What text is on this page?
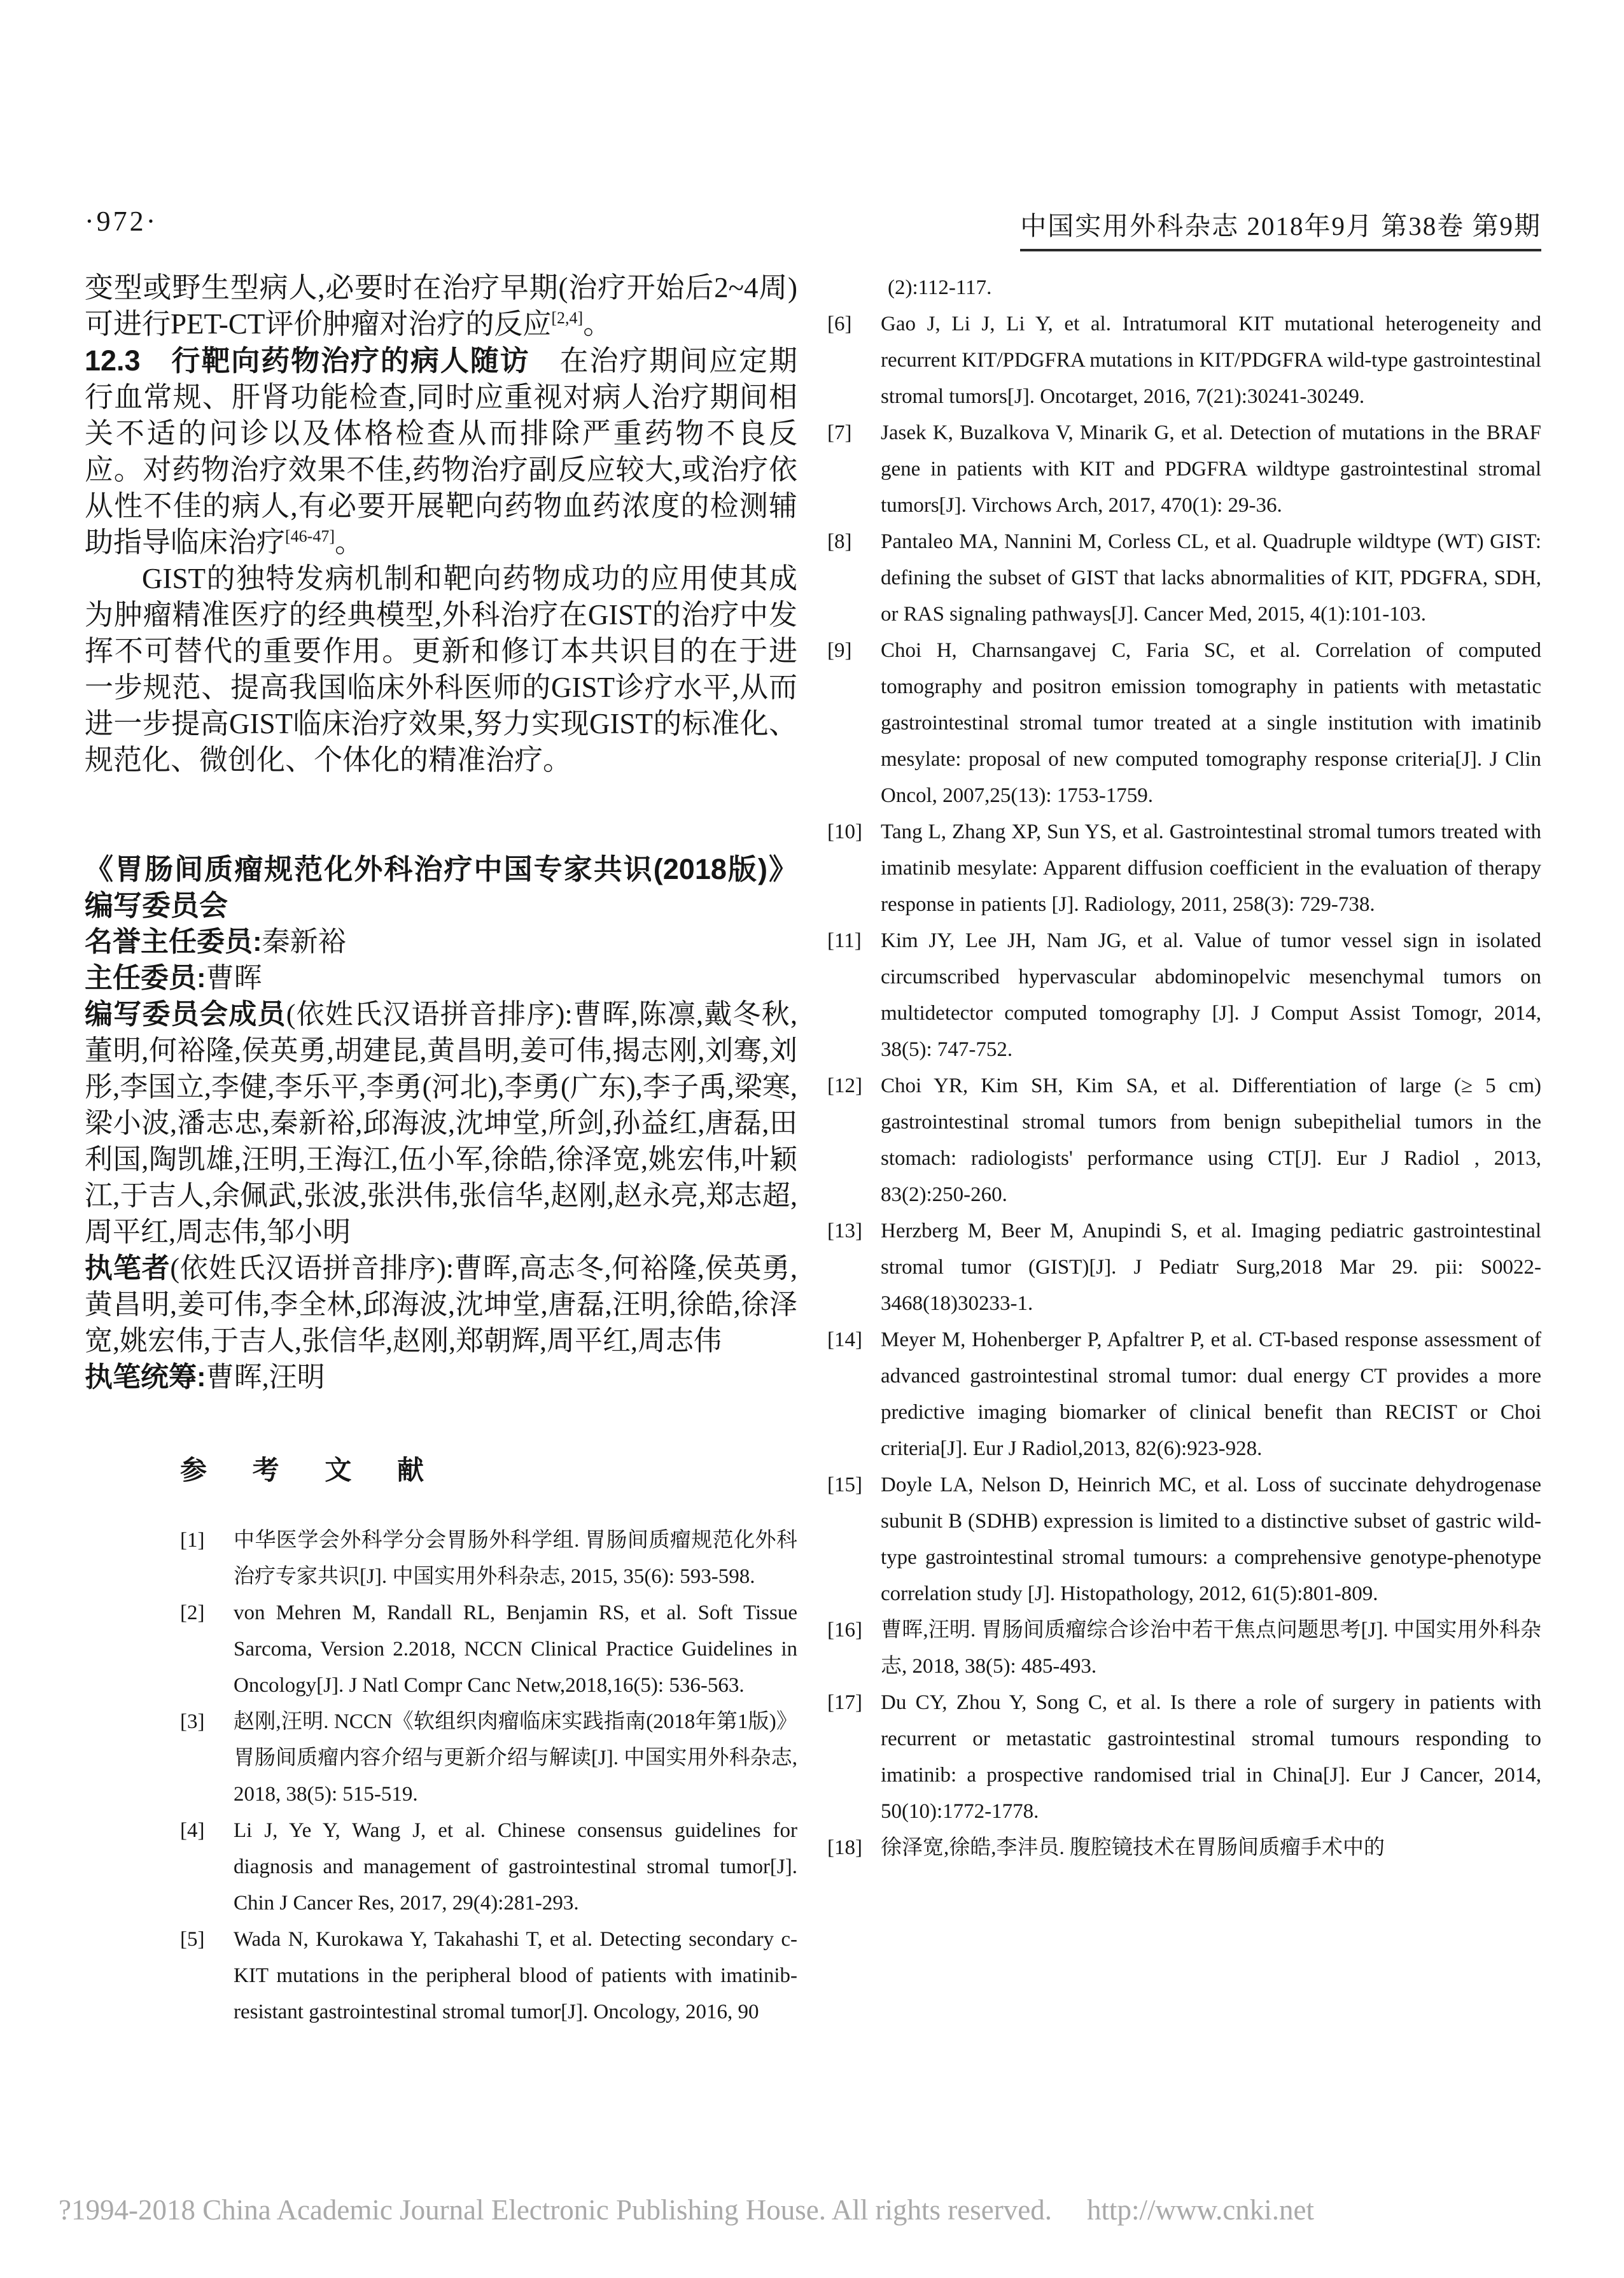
·972·	中国实用外科杂志 2018年9月 第38卷 第9期

变型或野生型病人,必要时在治疗早期(治疗开始后2~4周)可进行PET-CT评价肿瘤对治疗的反应[2,4]。

12.3　行靶向药物治疗的病人随访　 在治疗期间应定期行血常规、肝肾功能检查,同时应重视对病人治疗期间相关不适的问诊以及体格检查从而排除严重药物不良反应。对药物治疗效果不佳,药物治疗副反应较大,或治疗依从性不佳的病人,有必要开展靶向药物血药浓度的检测辅助指导临床治疗[46-47]。

GIST的独特发病机制和靶向药物成功的应用使其成为肿瘤精准医疗的经典模型,外科治疗在GIST的治疗中发挥不可替代的重要作用。更新和修订本共识目的在于进一步规范、提高我国临床外科医师的GIST诊疗水平,从而进一步提高GIST临床治疗效果,努力实现GIST的标准化、规范化、微创化、个体化的精准治疗。

《胃肠间质瘤规范化外科治疗中国专家共识(2018版)》编写委员会

名誉主任委员:秦新裕

主任委员:曹晖

编写委员会成员(依姓氏汉语拼音排序):曹晖,陈凛,戴冬秋,董明,何裕隆,侯英勇,胡建昆,黄昌明,姜可伟,揭志刚,刘骞,刘彤,李国立,李健,李乐平,李勇(河北),李勇(广东),李子禹,梁寒,梁小波,潘志忠,秦新裕,邱海波,沈坤堂,所剑,孙益红,唐磊,田利国,陶凯雄,汪明,王海江,伍小军,徐皓,徐泽宽,姚宏伟,叶颖江,于吉人,余佩武,张波,张洪伟,张信华,赵刚,赵永亮,郑志超,周平红,周志伟,邹小明

执笔者(依姓氏汉语拼音排序):曹晖,高志冬,何裕隆,侯英勇,黄昌明,姜可伟,李全林,邱海波,沈坤堂,唐磊,汪明,徐皓,徐泽宽,姚宏伟,于吉人,张信华,赵刚,郑朝辉,周平红,周志伟

执笔统筹:曹晖,汪明

参 考 文 献
[1]	中华医学会外科学分会胃肠外科学组. 胃肠间质瘤规范化外科治疗专家共识[J]. 中国实用外科杂志, 2015, 35(6): 593-598.
[2]	von Mehren M, Randall RL, Benjamin RS, et al. Soft Tissue Sarcoma, Version 2.2018, NCCN Clinical Practice Guidelines in Oncology[J]. J Natl Compr Canc Netw,2018,16(5): 536-563.
[3]	赵刚,汪明. NCCN《软组织肉瘤临床实践指南(2018年第1版)》胃肠间质瘤内容介绍与更新介绍与解读[J]. 中国实用外科杂志, 2018, 38(5): 515-519.
[4]	Li J, Ye Y, Wang J, et al. Chinese consensus guidelines for diagnosis and management of gastrointestinal stromal tumor[J]. Chin J Cancer Res, 2017, 29(4):281-293.
[5]	Wada N, Kurokawa Y, Takahashi T, et al. Detecting secondary c-KIT mutations in the peripheral blood of patients with imatinib-resistant gastrointestinal stromal tumor[J]. Oncology, 2016, 90
(2):112-117.
[6]	Gao J, Li J, Li Y, et al. Intratumoral KIT mutational heterogeneity and recurrent KIT/PDGFRA mutations in KIT/PDGFRA wild-type gastrointestinal stromal tumors[J]. Oncotarget, 2016, 7(21):30241-30249.
[7]	Jasek K, Buzalkova V, Minarik G, et al. Detection of mutations in the BRAF gene in patients with KIT and PDGFRA wildtype gastrointestinal stromal tumors[J]. Virchows Arch, 2017, 470(1): 29-36.
[8]	Pantaleo MA, Nannini M, Corless CL, et al. Quadruple wildtype (WT) GIST: defining the subset of GIST that lacks abnormalities of KIT, PDGFRA, SDH, or RAS signaling pathways[J]. Cancer Med, 2015, 4(1):101-103.
[9]	Choi H, Charnsangavej C, Faria SC, et al. Correlation of computed tomography and positron emission tomography in patients with metastatic gastrointestinal stromal tumor treated at a single institution with imatinib mesylate: proposal of new computed tomography response criteria[J]. J Clin Oncol, 2007,25(13): 1753-1759.
[10] Tang L, Zhang XP, Sun YS, et al. Gastrointestinal stromal tumors treated with imatinib mesylate: Apparent diffusion coefficient in the evaluation of therapy response in patients [J]. Radiology, 2011, 258(3): 729-738.
[11] Kim JY, Lee JH, Nam JG, et al. Value of tumor vessel sign in isolated circumscribed hypervascular abdominopelvic mesenchymal tumors on multidetector computed tomography [J]. J Comput Assist Tomogr, 2014, 38(5): 747-752.
[12] Choi YR, Kim SH, Kim SA, et al. Differentiation of large (≥ 5 cm) gastrointestinal stromal tumors from benign subepithelial tumors in the stomach: radiologists' performance using CT[J]. Eur J Radiol , 2013, 83(2):250-260.
[13] Herzberg M, Beer M, Anupindi S, et al. Imaging pediatric gastrointestinal stromal tumor (GIST)[J]. J Pediatr Surg,2018 Mar 29. pii: S0022-3468(18)30233-1.
[14] Meyer M, Hohenberger P, Apfaltrer P, et al. CT-based response assessment of advanced gastrointestinal stromal tumor: dual energy CT provides a more predictive imaging biomarker of clinical benefit than RECIST or Choi criteria[J]. Eur J Radiol,2013, 82(6):923-928.
[15] Doyle LA, Nelson D, Heinrich MC, et al. Loss of succinate dehydrogenase subunit B (SDHB) expression is limited to a distinctive subset of gastric wild-type gastrointestinal stromal tumours: a comprehensive genotype-phenotype correlation study [J]. Histopathology, 2012, 61(5):801-809.
[16] 曹晖,汪明. 胃肠间质瘤综合诊治中若干焦点问题思考[J]. 中国实用外科杂志, 2018, 38(5): 485-493.
[17] Du CY, Zhou Y, Song C, et al. Is there a role of surgery in patients with recurrent or metastatic gastrointestinal stromal tumours responding to imatinib: a prospective randomised trial in China[J]. Eur J Cancer, 2014, 50(10):1772-1778.
[18] 徐泽宽,徐皓,李沣员. 腹腔镜技术在胃肠间质瘤手术中的
?1994-2018 China Academic Journal Electronic Publishing House. All rights reserved. http://www.cnki.net
